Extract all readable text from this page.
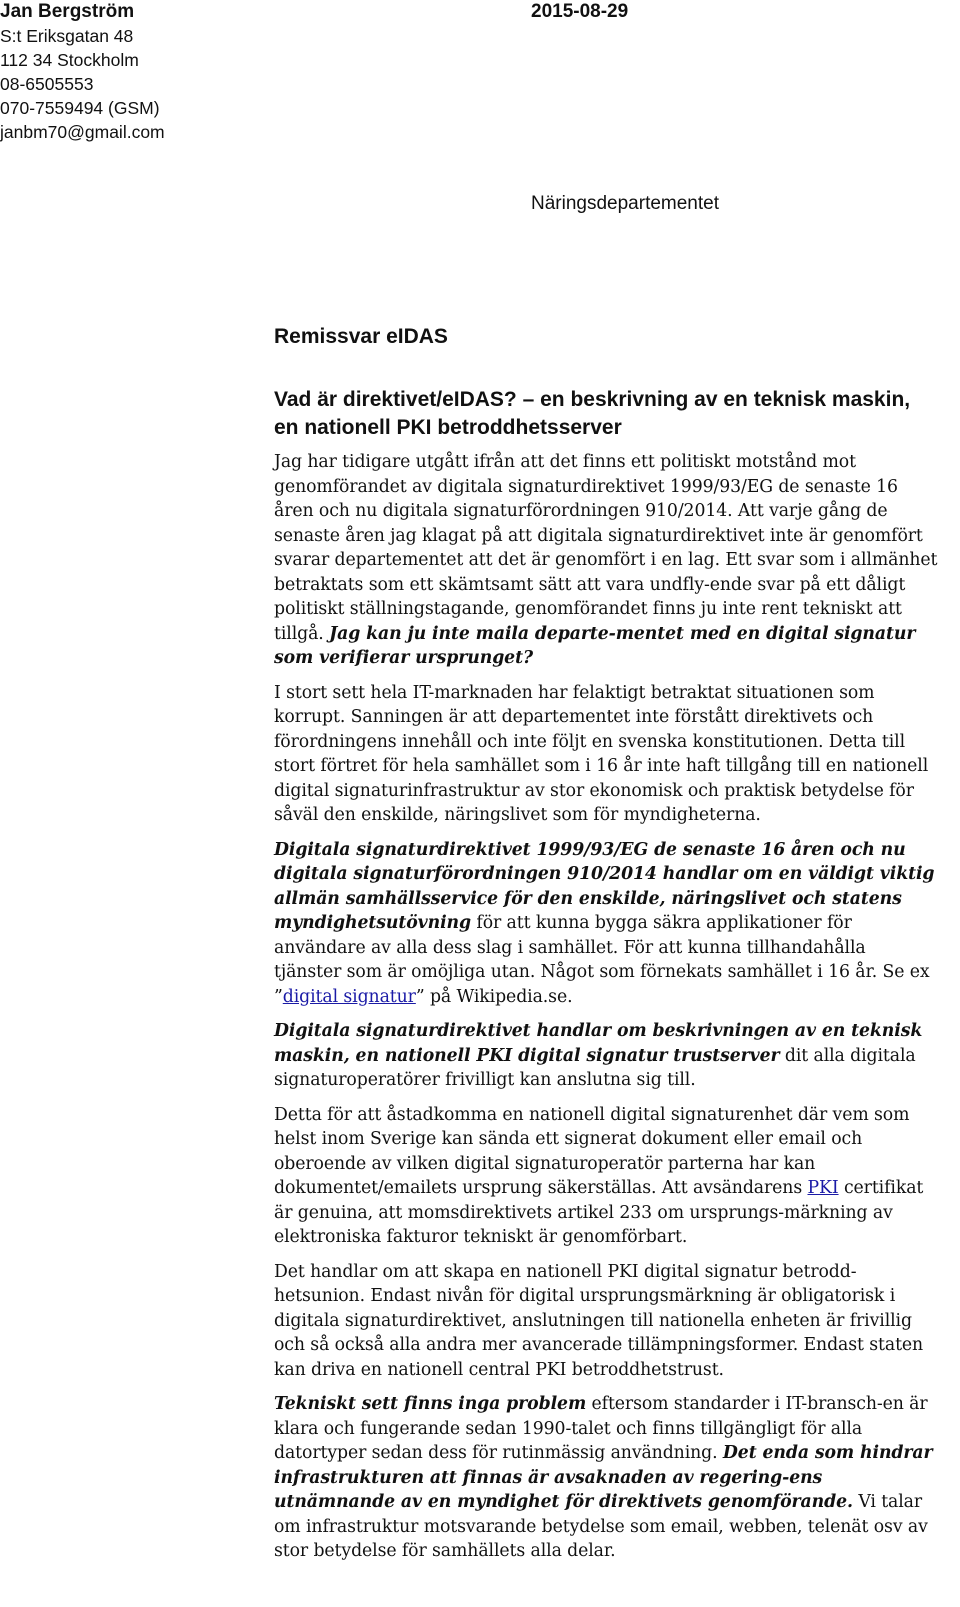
Jan Bergström
S:t Eriksgatan 48
112 34 Stockholm
08-6505553
070-7559494 (GSM)
janbm70@gmail.com
2015-08-29
Näringsdepartementet
Remissvar eIDAS
Vad är direktivet/eIDAS? – en beskrivning av en teknisk maskin, en nationell PKI betroddhetsserver

Jag har tidigare utgått ifrån att det finns ett politiskt motstånd mot genomförandet av digitala signaturdirektivet 1999/93/EG de senaste 16 åren och nu digitala signaturförordningen 910/2014. Att varje gång de senaste åren jag klagat på att digitala signaturdirektivet inte är genomfört svarar departementet att det är genomfört i en lag. Ett svar som i allmänhet betraktats som ett skämtsamt sätt att vara undfly-ende svar på ett dåligt politiskt ställningstagande, genomförandet finns ju inte rent tekniskt att tillgå. Jag kan ju inte maila departe-mentet med en digital signatur som verifierar ursprunget?

I stort sett hela IT-marknaden har felaktigt betraktat situationen som korrupt. Sanningen är att departementet inte förstått direktivets och förordningens innehåll och inte följt en svenska konstitutionen. Detta till stort förtret för hela samhället som i 16 år inte haft tillgång till en nationell digital signaturinfrastruktur av stor ekonomisk och praktisk betydelse för såväl den enskilde, näringslivet som för myndigheterna.

Digitala signaturdirektivet 1999/93/EG de senaste 16 åren och nu digitala signaturförordningen 910/2014 handlar om en väldigt viktig allmän samhällsservice för den enskilde, näringslivet och statens myndighetsutövning för att kunna bygga säkra applikationer för användare av alla dess slag i samhället. För att kunna tillhandahålla tjänster som är omöjliga utan. Något som förnekats samhället i 16 år. Se ex ”digital signatur” på Wikipedia.se.

Digitala signaturdirektivet handlar om beskrivningen av en teknisk maskin, en nationell PKI digital signatur trustserver dit alla digitala signaturoperatörer frivilligt kan anslutna sig till.

Detta för att åstadkomma en nationell digital signaturenhet där vem som helst inom Sverige kan sända ett signerat dokument eller email och oberoende av vilken digital signaturoperatör parterna har kan dokumentet/emailets ursprung säkerställas. Att avsändarens PKI certifikat är genuina, att momsdirektivets artikel 233 om ursprungs-märkning av elektroniska fakturor tekniskt är genomförbart.

Det handlar om att skapa en nationell PKI digital signatur betrodd-hetsunion. Endast nivån för digital ursprungsmärkning är obligatorisk i digitala signaturdirektivet, anslutningen till nationella enheten är frivillig och så också alla andra mer avancerade tillämpningsformer. Endast staten kan driva en nationell central PKI betroddhetstrust.

Tekniskt sett finns inga problem eftersom standarder i IT-bransch-en är klara och fungerande sedan 1990-talet och finns tillgängligt för alla datortyper sedan dess för rutinmässig användning. Det enda som hindrar infrastrukturen att finnas är avsaknaden av regering-ens utnämnande av en myndighet för direktivets genomförande. Vi talar om infrastruktur motsvarande betydelse som email, webben, telenät osv av stor betydelse för samhällets alla delar.
